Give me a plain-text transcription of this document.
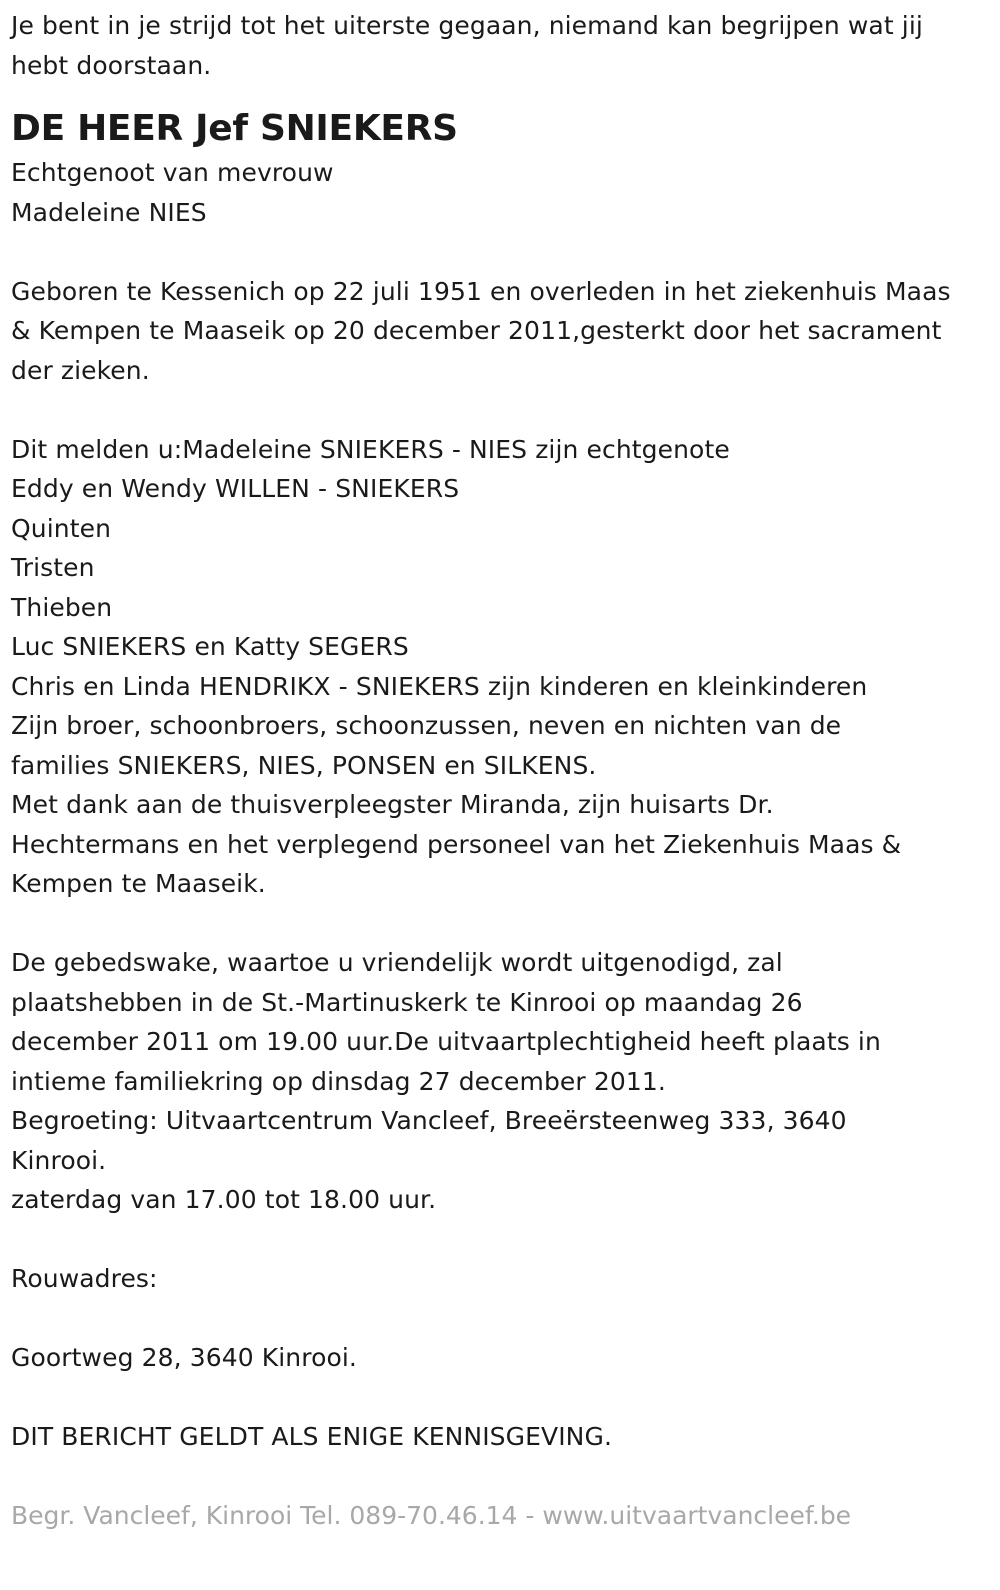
Je bent in je strijd tot het uiterste gegaan, niemand kan begrijpen wat jij
hebt doorstaan.
DE HEER Jef SNIEKERS
Echtgenoot van mevrouw
Madeleine NIES
Geboren te Kessenich op 22 juli 1951 en overleden in het ziekenhuis Maas
& Kempen te Maaseik op 20 december 2011,gesterkt door het sacrament
der zieken.
Dit melden u:Madeleine SNIEKERS - NIES zijn echtgenote
Eddy en Wendy WILLEN - SNIEKERS
Quinten
Tristen
Thieben
Luc SNIEKERS en Katty SEGERS
Chris en Linda HENDRIKX - SNIEKERS zijn kinderen en kleinkinderen
Zijn broer, schoonbroers, schoonzussen, neven en nichten van de
families SNIEKERS, NIES, PONSEN en SILKENS.
Met dank aan de thuisverpleegster Miranda, zijn huisarts Dr.
Hechtermans en het verplegend personeel van het Ziekenhuis Maas &
Kempen te Maaseik.
De gebedswake, waartoe u vriendelijk wordt uitgenodigd, zal
plaatshebben in de St.-Martinuskerk te Kinrooi op maandag 26
december 2011 om 19.00 uur.De uitvaartplechtigheid heeft plaats in
intieme familiekring op dinsdag 27 december 2011.
Begroeting: Uitvaartcentrum Vancleef, Breeërsteenweg 333, 3640
Kinrooi.
zaterdag van 17.00 tot 18.00 uur.
Rouwadres:
Goortweg 28, 3640 Kinrooi.
DIT BERICHT GELDT ALS ENIGE KENNISGEVING.
Begr. Vancleef, Kinrooi Tel. 089-70.46.14 - www.uitvaartvancleef.be
